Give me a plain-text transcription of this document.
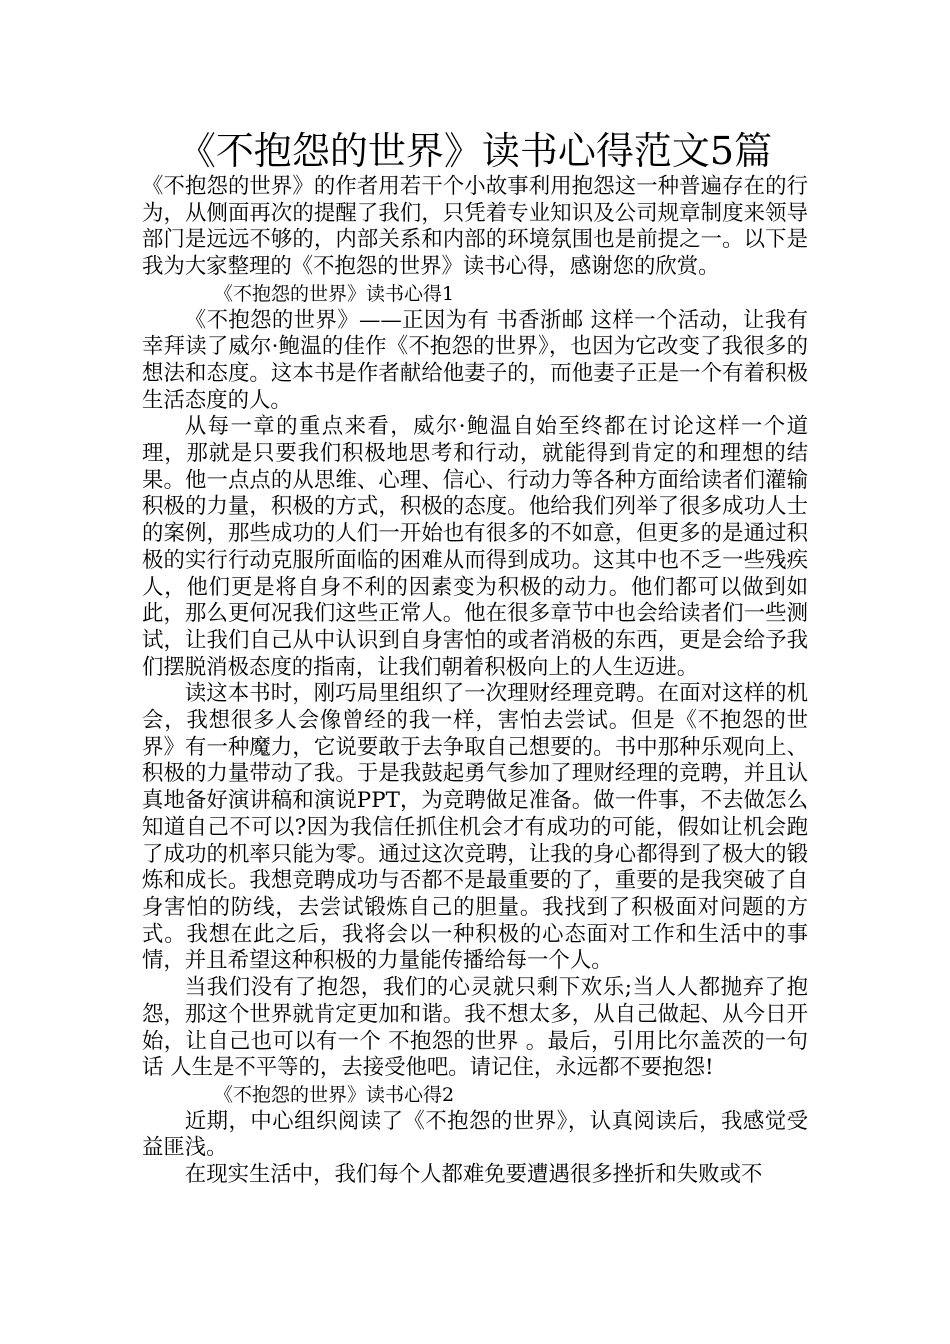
《不抱怨的世界》读书心得范文5篇

《不抱怨的世界》的作者用若干个小故事利用抱怨这一种普遍存在的行为，从侧面再次的提醒了我们，只凭着专业知识及公司规章制度来领导部门是远远不够的，内部关系和内部的环境氛围也是前提之一。以下是我为大家整理的《不抱怨的世界》读书心得，感谢您的欣赏。

《不抱怨的世界》读书心得1

《不抱怨的世界》——正因为有 书香浙邮 这样一个活动，让我有幸拜读了威尔·鲍温的佳作《不抱怨的世界》，也因为它改变了我很多的想法和态度。这本书是作者献给他妻子的，而他妻子正是一个有着积极生活态度的人。

从每一章的重点来看，威尔·鲍温自始至终都在讨论这样一个道理，那就是只要我们积极地思考和行动，就能得到肯定的和理想的结果。他一点点的从思维、心理、信心、行动力等各种方面给读者们灌输积极的力量，积极的方式，积极的态度。他给我们列举了很多成功人士的案例，那些成功的人们一开始也有很多的不如意，但更多的是通过积极的实行行动克服所面临的困难从而得到成功。这其中也不乏一些残疾人，他们更是将自身不利的因素变为积极的动力。他们都可以做到如此，那么更何况我们这些正常人。他在很多章节中也会给读者们一些测试，让我们自己从中认识到自身害怕的或者消极的东西，更是会给予我们摆脱消极态度的指南，让我们朝着积极向上的人生迈进。

读这本书时，刚巧局里组织了一次理财经理竞聘。在面对这样的机会，我想很多人会像曾经的我一样，害怕去尝试。但是《不抱怨的世界》有一种魔力，它说要敢于去争取自己想要的。书中那种乐观向上、积极的力量带动了我。于是我鼓起勇气参加了理财经理的竞聘，并且认真地备好演讲稿和演说PPT，为竞聘做足准备。做一件事，不去做怎么知道自己不可以?因为我信任抓住机会才有成功的可能，假如让机会跑了成功的机率只能为零。通过这次竞聘，让我的身心都得到了极大的锻炼和成长。我想竞聘成功与否都不是最重要的了，重要的是我突破了自身害怕的防线，去尝试锻炼自己的胆量。我找到了积极面对问题的方式。我想在此之后，我将会以一种积极的心态面对工作和生活中的事情，并且希望这种积极的力量能传播给每一个人。

当我们没有了抱怨，我们的心灵就只剩下欢乐;当人人都抛弃了抱怨，那这个世界就肯定更加和谐。我不想太多，从自己做起、从今日开始，让自己也可以有一个 不抱怨的世界 。最后，引用比尔盖茨的一句话 人生是不平等的，去接受他吧。请记住，永远都不要抱怨!

《不抱怨的世界》读书心得2

近期，中心组织阅读了《不抱怨的世界》，认真阅读后，我感觉受益匪浅。

在现实生活中，我们每个人都难免要遭遇很多挫折和失败或不
